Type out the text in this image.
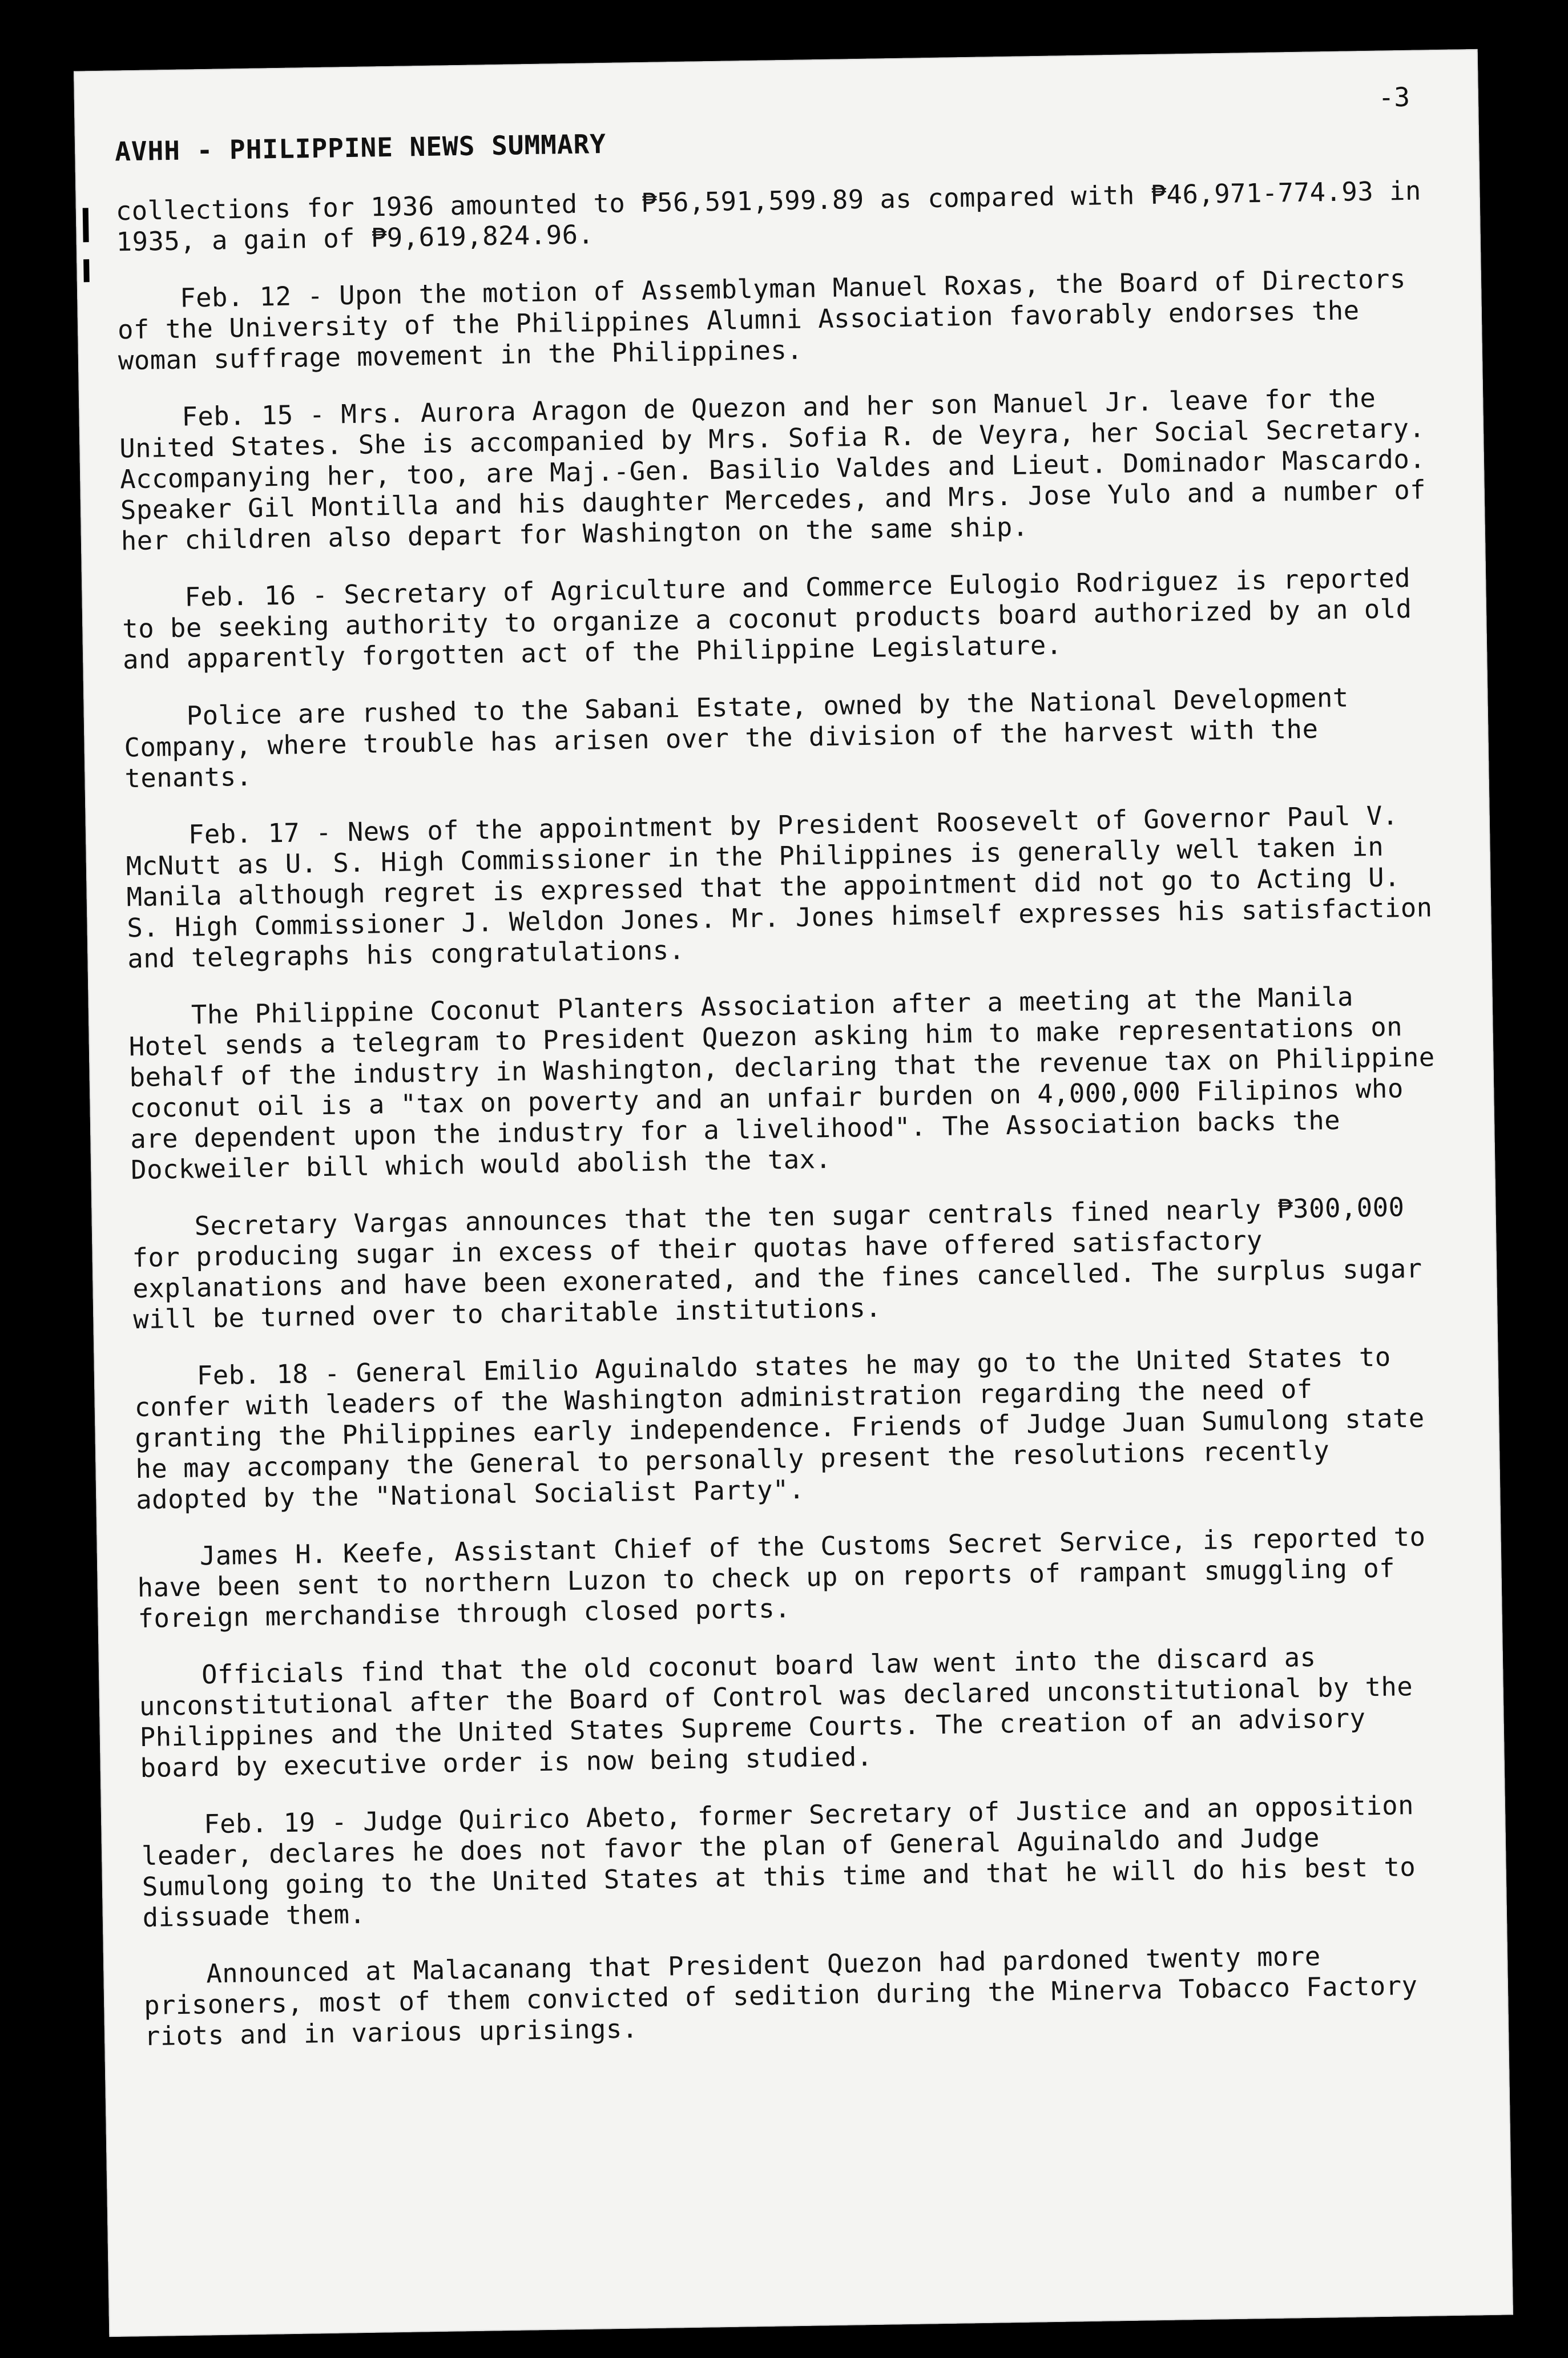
-3
AVHH - PHILIPPINE NEWS SUMMARY

collections for 1936 amounted to ₱56,591,599.89 as compared with ₱46,971-774.93 in 1935, a gain of ₱9,619,824.96.

Feb. 12 - Upon the motion of Assemblyman Manuel Roxas, the Board of Directors of the University of the Philippines Alumni Association favorably endorses the woman suffrage movement in the Philippines.

Feb. 15 - Mrs. Aurora Aragon de Quezon and her son Manuel Jr. leave for the United States. She is accompanied by Mrs. Sofia R. de Veyra, her Social Secretary. Accompanying her, too, are Maj.-Gen. Basilio Valdes and Lieut. Dominador Mascardo. Speaker Gil Montilla and his daughter Mercedes, and Mrs. Jose Yulo and a number of her children also depart for Washington on the same ship.

Feb. 16 - Secretary of Agriculture and Commerce Eulogio Rodriguez is reported to be seeking authority to organize a coconut products board authorized by an old and apparently forgotten act of the Philippine Legislature.

Police are rushed to the Sabani Estate, owned by the National Development Company, where trouble has arisen over the division of the harvest with the tenants.

Feb. 17 - News of the appointment by President Roosevelt of Governor Paul V. McNutt as U. S. High Commissioner in the Philippines is generally well taken in Manila although regret is expressed that the appointment did not go to Acting U. S. High Commissioner J. Weldon Jones. Mr. Jones himself expresses his satisfaction and telegraphs his congratulations.

The Philippine Coconut Planters Association after a meeting at the Manila Hotel sends a telegram to President Quezon asking him to make representations on behalf of the industry in Washington, declaring that the revenue tax on Philippine coconut oil is a "tax on poverty and an unfair burden on 4,000,000 Filipinos who are dependent upon the industry for a livelihood". The Association backs the Dockweiler bill which would abolish the tax.

Secretary Vargas announces that the ten sugar centrals fined nearly ₱300,000 for producing sugar in excess of their quotas have offered satisfactory explanations and have been exonerated, and the fines cancelled. The surplus sugar will be turned over to charitable institutions.

Feb. 18 - General Emilio Aguinaldo states he may go to the United States to confer with leaders of the Washington administration regarding the need of granting the Philippines early independence. Friends of Judge Juan Sumulong state he may accompany the General to personally present the resolutions recently adopted by the "National Socialist Party".

James H. Keefe, Assistant Chief of the Customs Secret Service, is reported to have been sent to northern Luzon to check up on reports of rampant smuggling of foreign merchandise through closed ports.

Officials find that the old coconut board law went into the discard as unconstitutional after the Board of Control was declared unconstitutional by the Philippines and the United States Supreme Courts. The creation of an advisory board by executive order is now being studied.

Feb. 19 - Judge Quirico Abeto, former Secretary of Justice and an opposition leader, declares he does not favor the plan of General Aguinaldo and Judge Sumulong going to the United States at this time and that he will do his best to dissuade them.

Announced at Malacanang that President Quezon had pardoned twenty more prisoners, most of them convicted of sedition during the Minerva Tobacco Factory riots and in various uprisings.
